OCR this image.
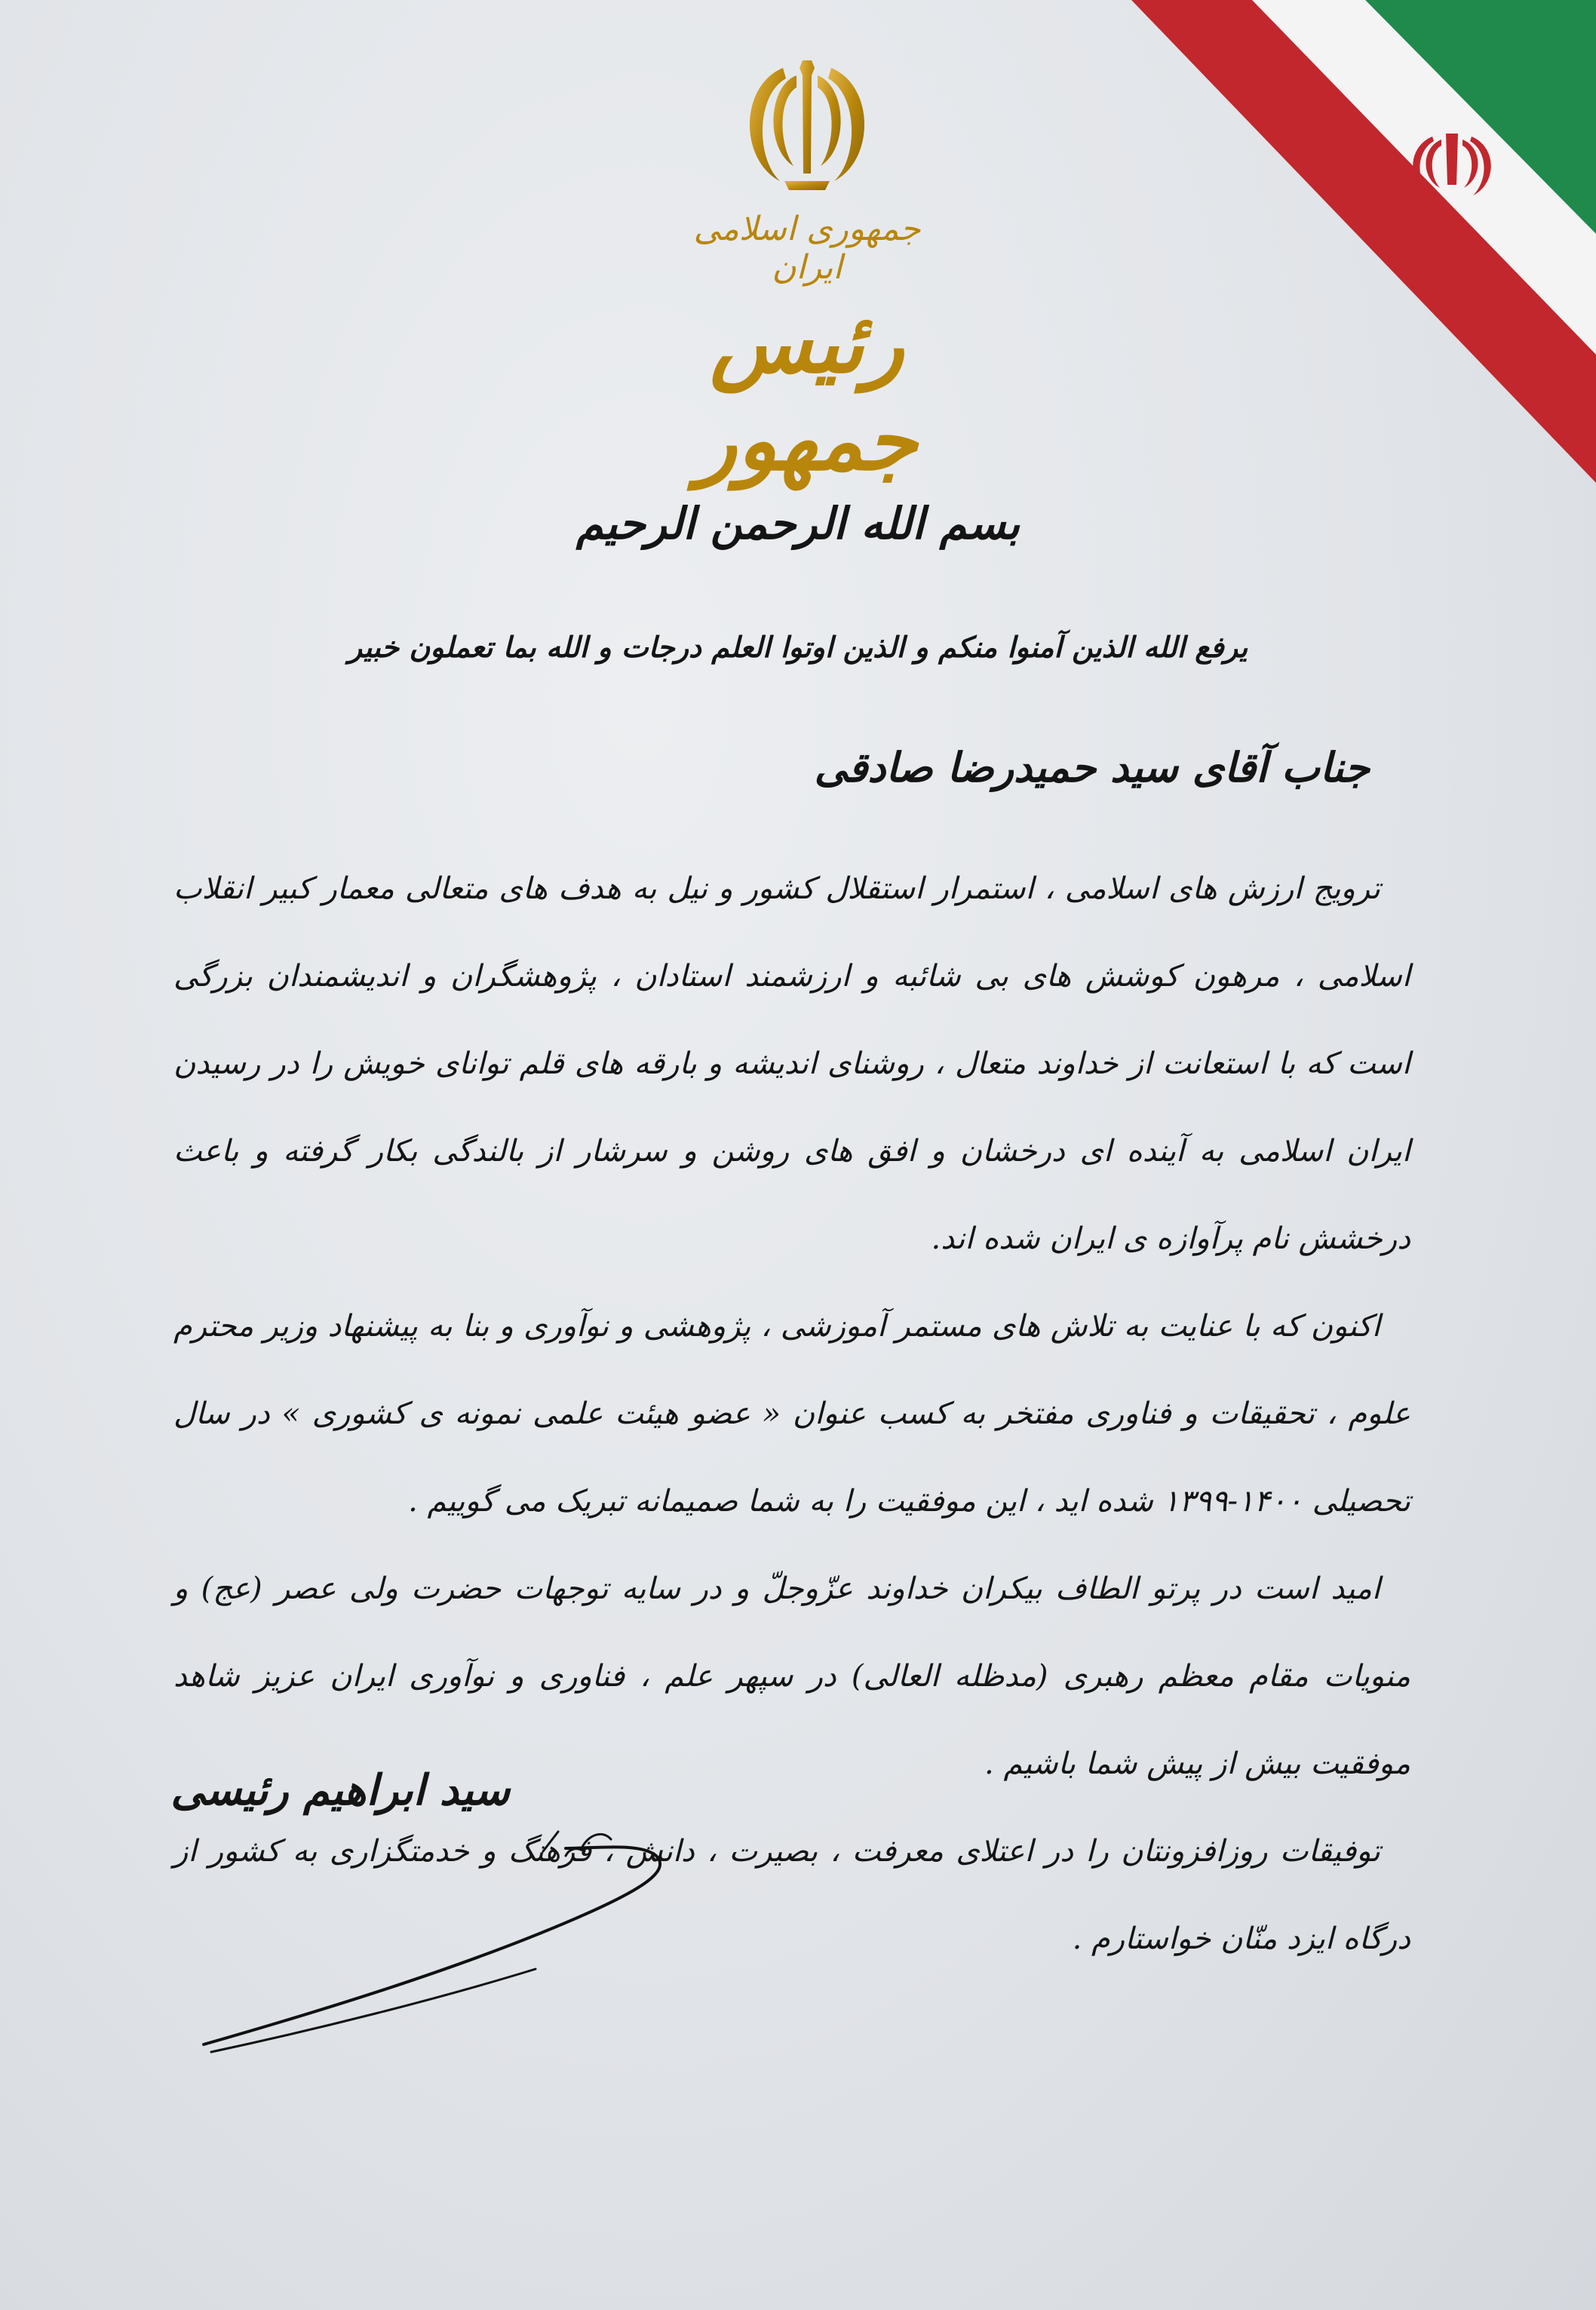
جمهوری اسلامی ایران
رئیس جمهور
بسم الله الرحمن الرحیم
یرفع الله الذین آمنوا منکم و الذین اوتوا العلم درجات و الله بما تعملون خبیر
جناب آقای سید حمیدرضا صادقی

ترویج ارزش های اسلامی ، استمرار استقلال کشور و نیل به هدف های متعالی معمار کبیر انقلاب اسلامی ، مرهون کوشش های بی شائبه و ارزشمند استادان ، پژوهشگران و اندیشمندان بزرگی است که با استعانت از خداوند متعال ، روشنای اندیشه و بارقه های قلم توانای خویش را در رسیدن ایران اسلامی به آینده ای درخشان و افق های روشن و سرشار از بالندگی بکار گرفته و باعث درخشش نام پرآوازه ی ایران شده اند.

اکنون که با عنایت به تلاش های مستمر آموزشی ، پژوهشی و نوآوری و بنا به پیشنهاد وزیر محترم علوم ، تحقیقات و فناوری مفتخر به کسب عنوان « عضو هیئت علمی نمونه ی کشوری » در سال تحصیلی ۱۴۰۰-۱۳۹۹ شده اید ، این موفقیت را به شما صمیمانه تبریک می گوییم .

امید است در پرتو الطاف بیکران خداوند عزّوجلّ و در سایه توجهات حضرت ولی عصر (عج) و منویات مقام معظم رهبری (مدظله العالی) در سپهر علم ، فناوری و نوآوری ایران عزیز شاهد موفقیت بیش از پیش شما باشیم .

توفیقات روزافزونتان را در اعتلای معرفت ، بصیرت ، دانش ، فرهنگ و خدمتگزاری به کشور از درگاه ایزد منّان خواستارم .

سید ابراهیم رئیسی
